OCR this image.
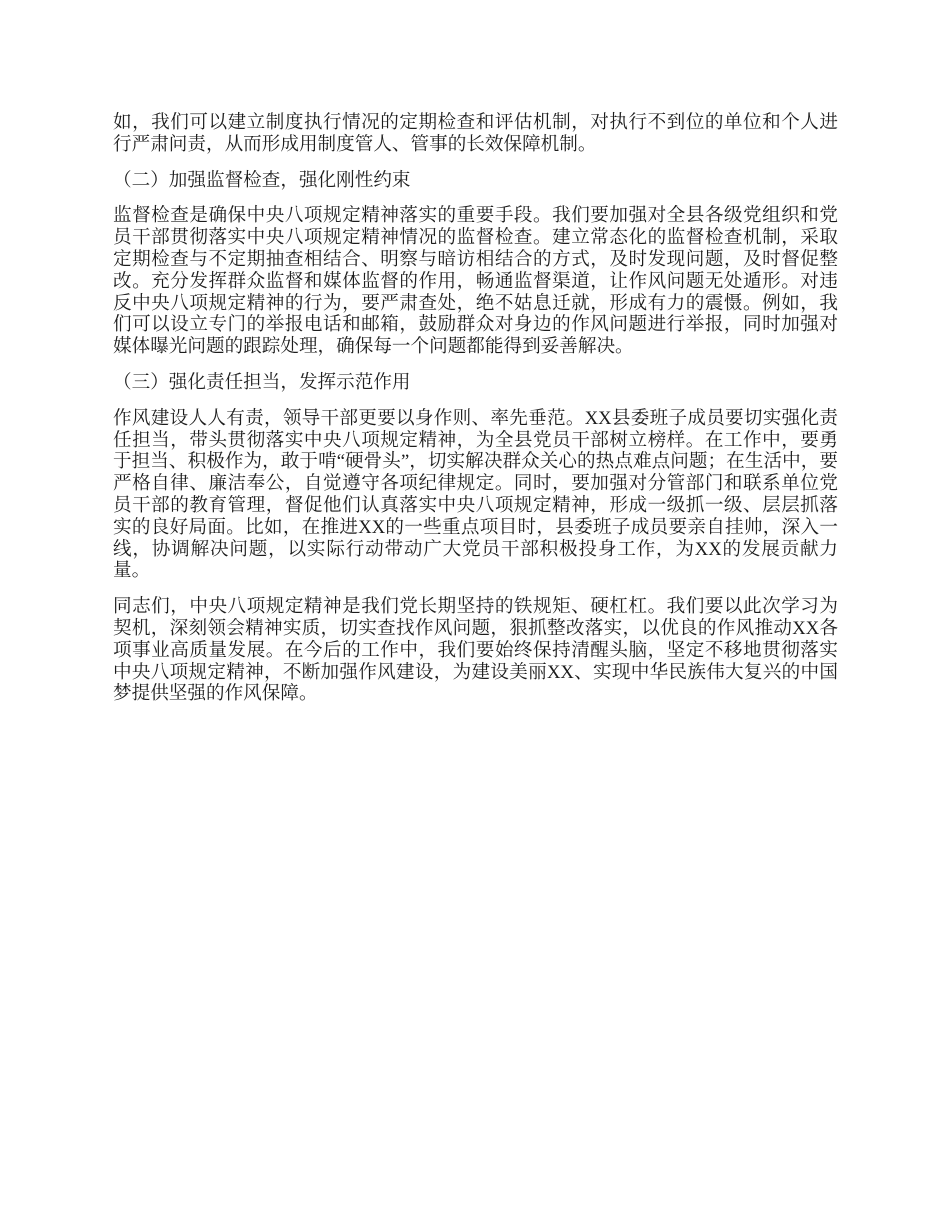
如，我们可以建立制度执行情况的定期检查和评估机制，对执行不到位的单位和个人进行严肃问责，从而形成用制度管人、管事的长效保障机制。

（二）加强监督检查，强化刚性约束

监督检查是确保中央八项规定精神落实的重要手段。我们要加强对全县各级党组织和党员干部贯彻落实中央八项规定精神情况的监督检查。建立常态化的监督检查机制，采取定期检查与不定期抽查相结合、明察与暗访相结合的方式，及时发现问题，及时督促整改。充分发挥群众监督和媒体监督的作用，畅通监督渠道，让作风问题无处遁形。对违反中央八项规定精神的行为，要严肃查处，绝不姑息迁就，形成有力的震慑。例如，我们可以设立专门的举报电话和邮箱，鼓励群众对身边的作风问题进行举报，同时加强对媒体曝光问题的跟踪处理，确保每一个问题都能得到妥善解决。

（三）强化责任担当，发挥示范作用

作风建设人人有责，领导干部更要以身作则、率先垂范。XX县委班子成员要切实强化责任担当，带头贯彻落实中央八项规定精神，为全县党员干部树立榜样。在工作中，要勇于担当、积极作为，敢于啃“硬骨头”，切实解决群众关心的热点难点问题；在生活中，要严格自律、廉洁奉公，自觉遵守各项纪律规定。同时，要加强对分管部门和联系单位党员干部的教育管理，督促他们认真落实中央八项规定精神，形成一级抓一级、层层抓落实的良好局面。比如，在推进XX的一些重点项目时，县委班子成员要亲自挂帅，深入一线，协调解决问题，以实际行动带动广大党员干部积极投身工作，为XX的发展贡献力量。

同志们，中央八项规定精神是我们党长期坚持的铁规矩、硬杠杠。我们要以此次学习为契机，深刻领会精神实质，切实查找作风问题，狠抓整改落实，以优良的作风推动XX各项事业高质量发展。在今后的工作中，我们要始终保持清醒头脑，坚定不移地贯彻落实中央八项规定精神，不断加强作风建设，为建设美丽XX、实现中华民族伟大复兴的中国梦提供坚强的作风保障。
